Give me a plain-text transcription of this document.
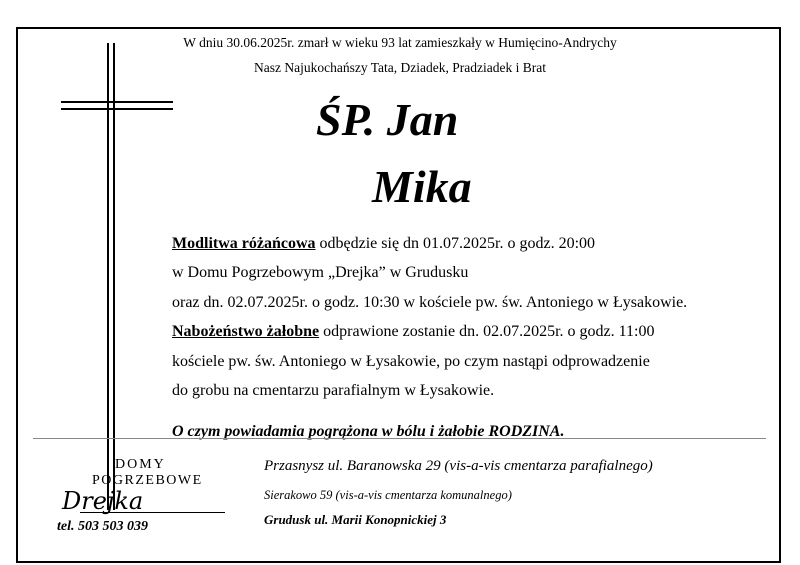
W dniu 30.06.2025r. zmarł w wieku 93 lat zamieszkały w Humięcino-Andrychy
Nasz Najukochańszy Tata, Dziadek, Pradziadek i Brat
ŚP. Jan
Mika
Modlitwa różańcowa odbędzie się dn 01.07.2025r. o godz. 20:00
w Domu Pogrzebowym „Drejka” w Grudusku
oraz dn. 02.07.2025r. o godz. 10:30 w kościele pw. św. Antoniego w Łysakowie.
Nabożeństwo żałobne odprawione zostanie dn. 02.07.2025r. o godz. 11:00
kościele pw. św. Antoniego w Łysakowie, po czym nastąpi odprowadzenie
do grobu na cmentarzu parafialnym w Łysakowie.
O czym powiadamia pogrążona w bólu i żałobie RODZINA.
DOMY
POGRZEBOWE
Drejka
tel. 503 503 039
Przasnysz ul. Baranowska 29 (vis-a-vis cmentarza parafialnego)
Sierakowo 59 (vis-a-vis cmentarza komunalnego)
Grudusk ul. Marii Konopnickiej 3
